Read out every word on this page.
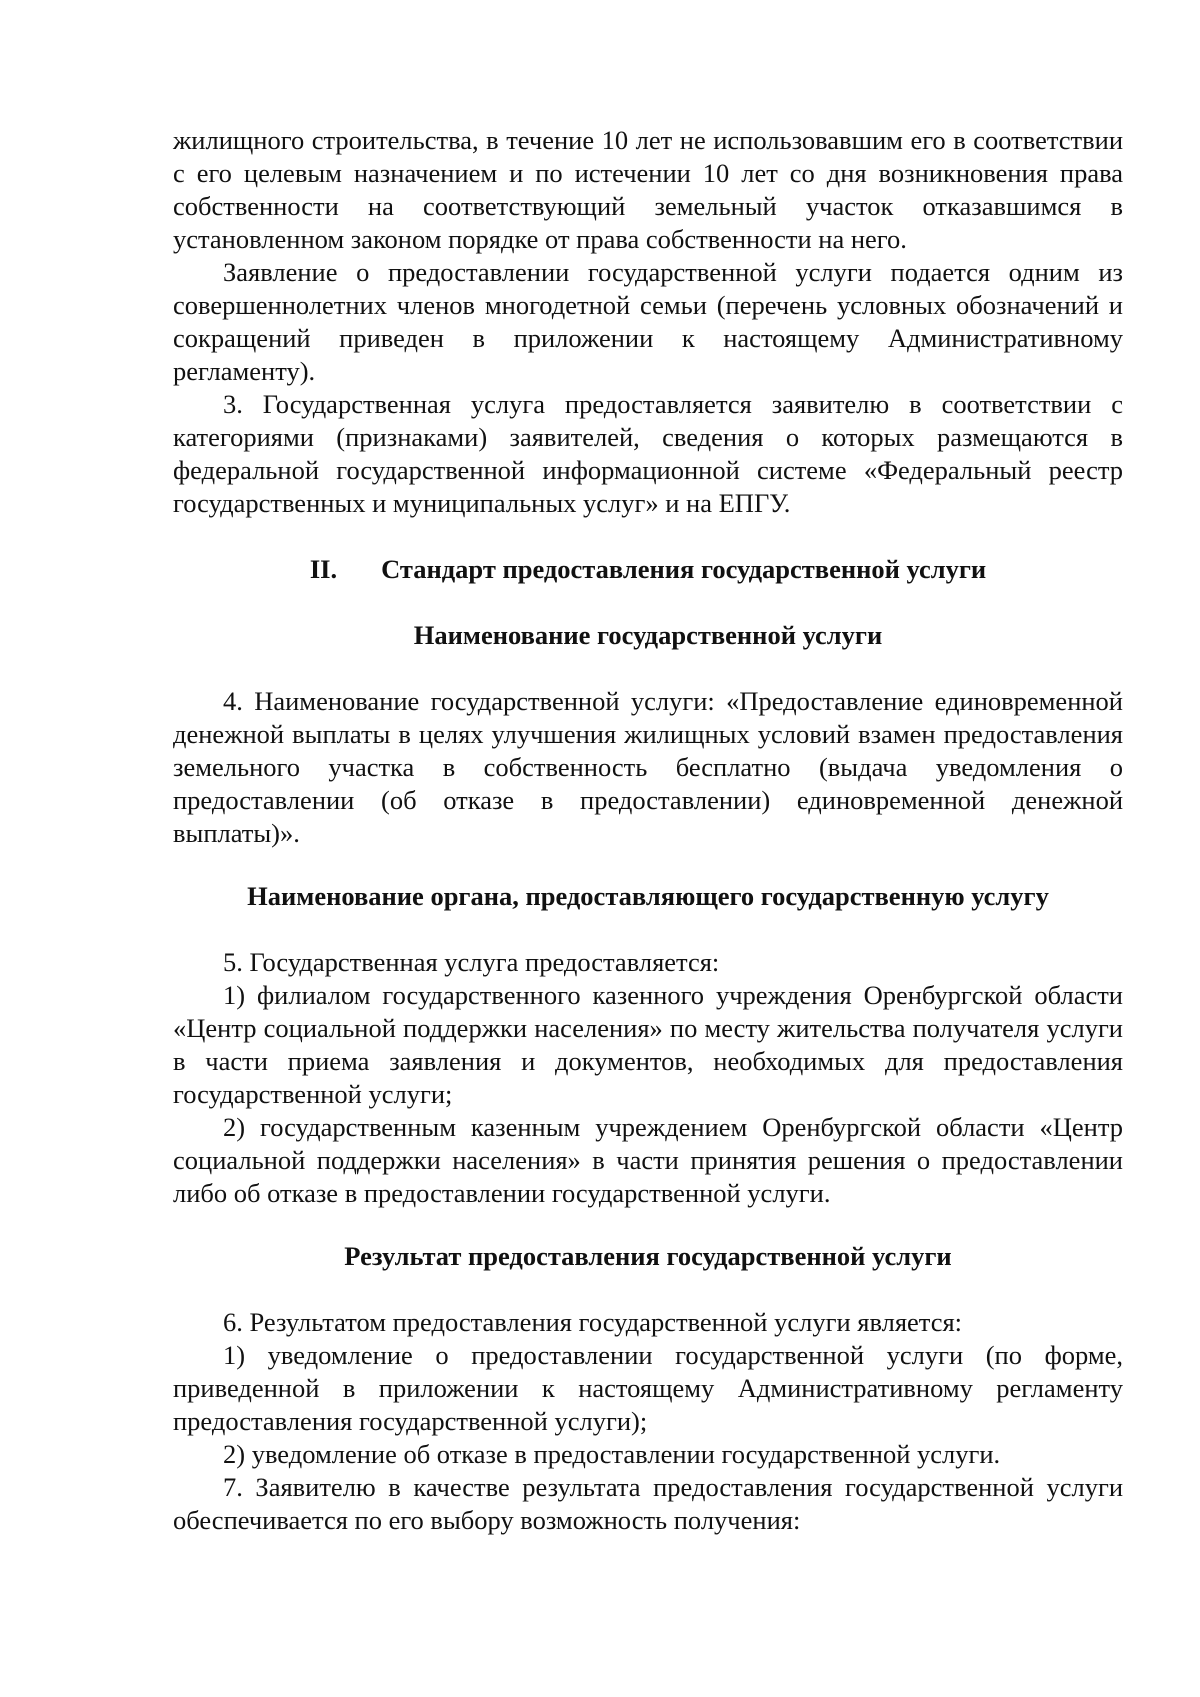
жилищного строительства, в течение 10 лет не использовавшим его в соответствии с его целевым назначением и по истечении 10 лет со дня возникновения права собственности на соответствующий земельный участок отказавшимся в установленном законом порядке от права собственности на него.

Заявление о предоставлении государственной услуги подается одним из совершеннолетних членов многодетной семьи (перечень условных обозначений и сокращений приведен в приложении к настоящему Административному регламенту).

3. Государственная услуга предоставляется заявителю в соответствии с категориями (признаками) заявителей, сведения о которых размещаются в федеральной государственной информационной системе «Федеральный реестр государственных и муниципальных услуг» и на ЕПГУ.

II. Стандарт предоставления государственной услуги
Наименование государственной услуги

4. Наименование государственной услуги: «Предоставление единовременной денежной выплаты в целях улучшения жилищных условий взамен предоставления земельного участка в собственность бесплатно (выдача уведомления о предоставлении (об отказе в предоставлении) единовременной денежной выплаты)».

Наименование органа, предоставляющего государственную услугу

5. Государственная услуга предоставляется:

1) филиалом государственного казенного учреждения Оренбургской области «Центр социальной поддержки населения» по месту жительства получателя услуги в части приема заявления и документов, необходимых для предоставления государственной услуги;

2) государственным казенным учреждением Оренбургской области «Центр социальной поддержки населения» в части принятия решения о предоставлении либо об отказе в предоставлении государственной услуги.

Результат предоставления государственной услуги

6. Результатом предоставления государственной услуги является:

1) уведомление о предоставлении государственной услуги (по форме, приведенной в приложении к настоящему Административному регламенту предоставления государственной услуги);

2) уведомление об отказе в предоставлении государственной услуги.

7. Заявителю в качестве результата предоставления государственной услуги обеспечивается по его выбору возможность получения:
